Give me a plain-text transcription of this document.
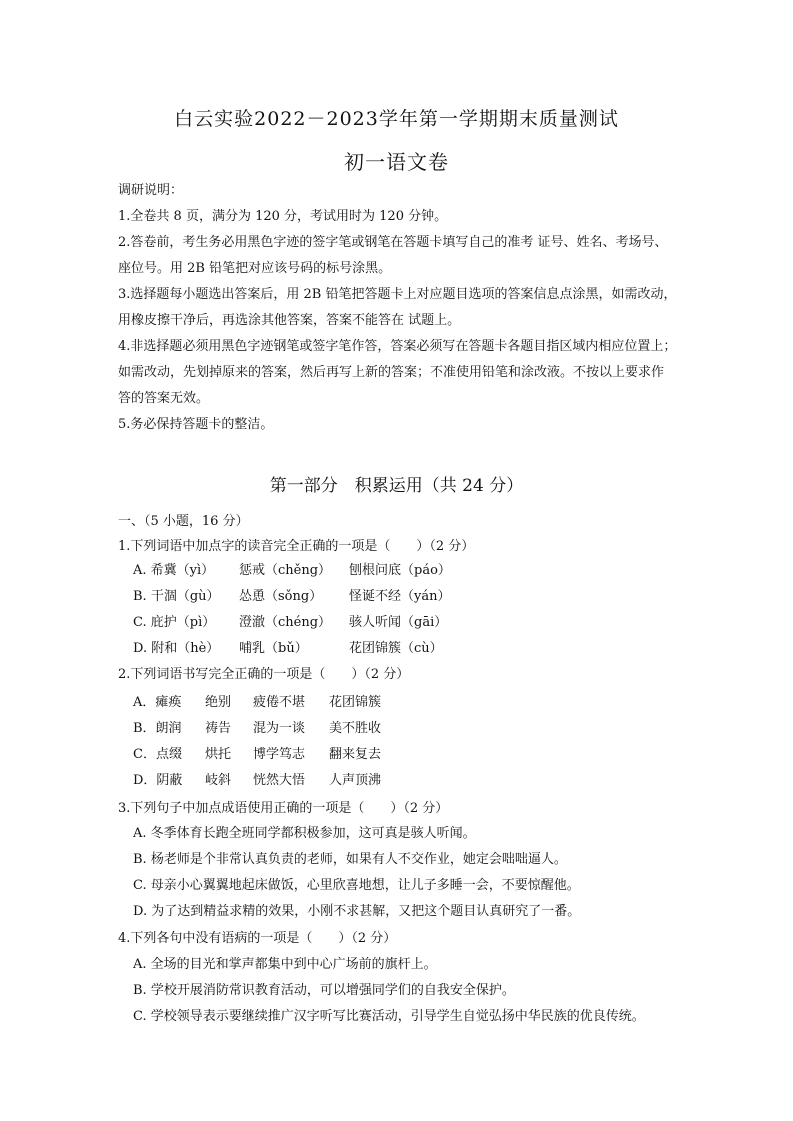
白云实验2022－2023学年第一学期期末质量测试
初一语文卷
调研说明：
1.全卷共 8 页，满分为 120 分，考试用时为 120 分钟。
2.答卷前，考生务必用黑色字迹的签字笔或钢笔在答题卡填写自己的准考 证号、姓名、考场号、
座位号。用 2B 铅笔把对应该号码的标号涂黑。
3.选择题每小题选出答案后，用 2B 铅笔把答题卡上对应题目选项的答案信息点涂黑，如需改动，
用橡皮擦干净后，再选涂其他答案，答案不能答在 试题上。
4.非选择题必须用黑色字迹钢笔或签字笔作答，答案必须写在答题卡各题目指区域内相应位置上；
如需改动，先划掉原来的答案，然后再写上新的答案；不准使用铅笔和涂改液。不按以上要求作
答的答案无效。
5.务必保持答题卡的整洁。
第一部分　积累运用（共 24 分）
一、（5 小题，16 分）
1.下列词语中加点字的读音完全正确的一项是（　　）（2 分）
A. 希冀（yì） 惩戒（chěng） 刨根问底（páo）
B. 干涸（gù） 怂恿（sǒng） 怪诞不经（yán）
C. 庇护（pì） 澄澈（chéng） 骇人听闻（gāi）
D. 附和（hè） 哺乳（bǔ）	花团锦簇（cù）
2.下列词语书写完全正确的一项是（　　）（2 分）
A．瘫痪 绝别 疲倦不堪 花团锦簇
B．朗润 祷告 混为一谈 美不胜收
C．点缀 烘托 博学笃志 翻来复去
D．阴蔽 岐斜 恍然大悟 人声顶沸
3.下列句子中加点成语使用正确的一项是（　　）（2 分）
A. 冬季体育长跑全班同学都积极参加，这可真是骇人听闻。
B. 杨老师是个非常认真负责的老师，如果有人不交作业，她定会咄咄逼人。
C. 母亲小心翼翼地起床做饭，心里欣喜地想，让儿子多睡一会，不要惊醒他。
D. 为了达到精益求精的效果，小刚不求甚解，又把这个题目认真研究了一番。
4.下列各句中没有语病的一项是（　　）（2 分）
A. 全场的目光和掌声都集中到中心广场前的旗杆上。
B. 学校开展消防常识教育活动，可以增强同学们的自我安全保护。
C. 学校领导表示要继续推广汉字听写比赛活动，引导学生自觉弘扬中华民族的优良传统。
